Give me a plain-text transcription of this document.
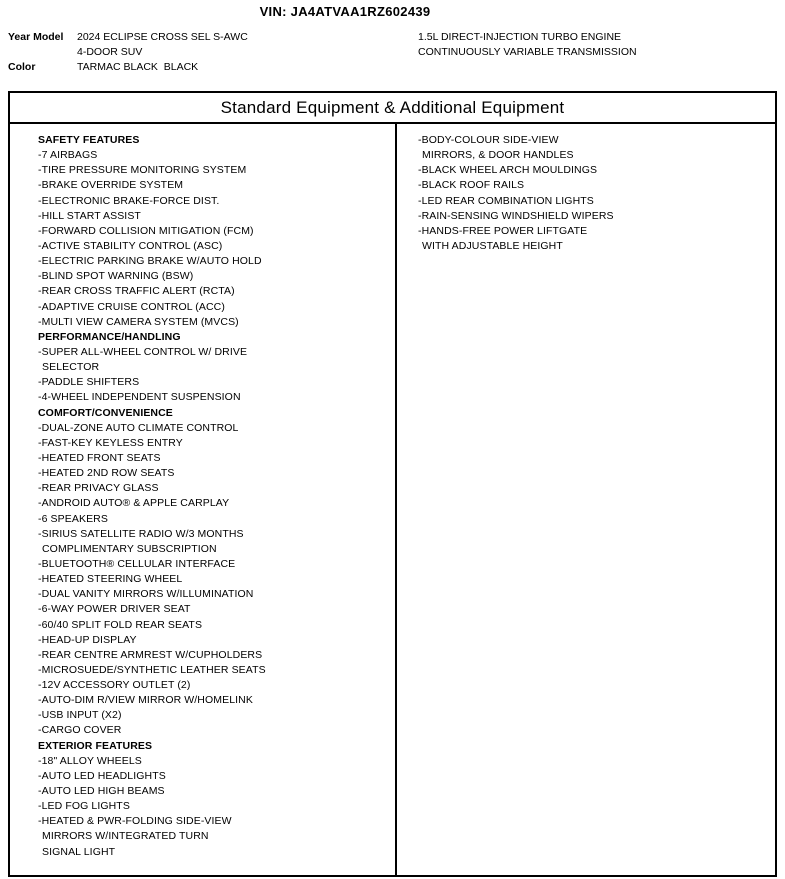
VIN: JA4ATVAA1RZ602439
Year Model 2024 ECLIPSE CROSS SEL S-AWC
4-DOOR SUV
Color	TARMAC BLACK  BLACK
1.5L DIRECT-INJECTION TURBO ENGINE
CONTINUOUSLY VARIABLE TRANSMISSION
Standard Equipment & Additional Equipment
SAFETY FEATURES
-7 AIRBAGS
-TIRE PRESSURE MONITORING SYSTEM
-BRAKE OVERRIDE SYSTEM
-ELECTRONIC BRAKE-FORCE DIST.
-HILL START ASSIST
-FORWARD COLLISION MITIGATION (FCM)
-ACTIVE STABILITY CONTROL (ASC)
-ELECTRIC PARKING BRAKE W/AUTO HOLD
-BLIND SPOT WARNING (BSW)
-REAR CROSS TRAFFIC ALERT (RCTA)
-ADAPTIVE CRUISE CONTROL (ACC)
-MULTI VIEW CAMERA SYSTEM (MVCS)
PERFORMANCE/HANDLING
-SUPER ALL-WHEEL CONTROL W/ DRIVE
SELECTOR
-PADDLE SHIFTERS
-4-WHEEL INDEPENDENT SUSPENSION
COMFORT/CONVENIENCE
-DUAL-ZONE AUTO CLIMATE CONTROL
-FAST-KEY KEYLESS ENTRY
-HEATED FRONT SEATS
-HEATED 2ND ROW SEATS
-REAR PRIVACY GLASS
-ANDROID AUTO® & APPLE CARPLAY
-6 SPEAKERS
-SIRIUS SATELLITE RADIO W/3 MONTHS
COMPLIMENTARY SUBSCRIPTION
-BLUETOOTH® CELLULAR INTERFACE
-HEATED STEERING WHEEL
-DUAL VANITY MIRRORS W/ILLUMINATION
-6-WAY POWER DRIVER SEAT
-60/40 SPLIT FOLD REAR SEATS
-HEAD-UP DISPLAY
-REAR CENTRE ARMREST W/CUPHOLDERS
-MICROSUEDE/SYNTHETIC LEATHER SEATS
-12V ACCESSORY OUTLET (2)
-AUTO-DIM R/VIEW MIRROR W/HOMELINK
-USB INPUT (X2)
-CARGO COVER
EXTERIOR FEATURES
-18" ALLOY WHEELS
-AUTO LED HEADLIGHTS
-AUTO LED HIGH BEAMS
-LED FOG LIGHTS
-HEATED & PWR-FOLDING SIDE-VIEW
MIRRORS W/INTEGRATED TURN
SIGNAL LIGHT
-BODY-COLOUR SIDE-VIEW
MIRRORS, & DOOR HANDLES
-BLACK WHEEL ARCH MOULDINGS
-BLACK ROOF RAILS
-LED REAR COMBINATION LIGHTS
-RAIN-SENSING WINDSHIELD WIPERS
-HANDS-FREE POWER LIFTGATE
WITH ADJUSTABLE HEIGHT
